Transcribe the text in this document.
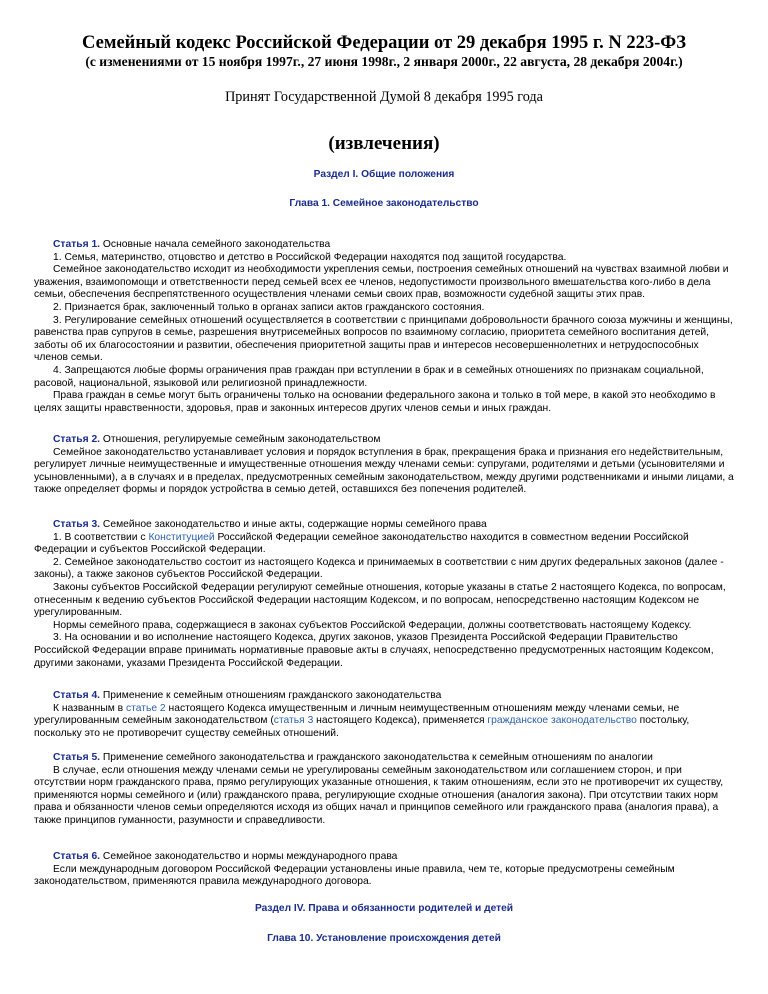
Семейный кодекс Российской Федерации от 29 декабря 1995 г. N 223-ФЗ
(с изменениями от 15 ноября 1997г., 27 июня 1998г., 2 января 2000г., 22 августа, 28 декабря 2004г.)
Принят Государственной Думой 8 декабря 1995 года
(извлечения)
Раздел I. Общие положения
Глава 1. Семейное законодательство

Статья 1. Основные начала семейного законодательства

1. Семья, материнство, отцовство и детство в Российской Федерации находятся под защитой государства.

Семейное законодательство исходит из необходимости укрепления семьи, построения семейных отношений на чувствах взаимной любви и уважения, взаимопомощи и ответственности перед семьей всех ее членов, недопустимости произвольного вмешательства кого-либо в дела семьи, обеспечения беспрепятственного осуществления членами семьи своих прав, возможности судебной защиты этих прав.

2. Признается брак, заключенный только в органах записи актов гражданского состояния.

3. Регулирование семейных отношений осуществляется в соответствии с принципами добровольности брачного союза мужчины и женщины, равенства прав супругов в семье, разрешения внутрисемейных вопросов по взаимному согласию, приоритета семейного воспитания детей, заботы об их благосостоянии и развитии, обеспечения приоритетной защиты прав и интересов несовершеннолетних и нетрудоспособных членов семьи.

4. Запрещаются любые формы ограничения прав граждан при вступлении в брак и в семейных отношениях по признакам социальной, расовой, национальной, языковой или религиозной принадлежности.

Права граждан в семье могут быть ограничены только на основании федерального закона и только в той мере, в какой это необходимо в целях защиты нравственности, здоровья, прав и законных интересов других членов семьи и иных граждан.

Статья 2. Отношения, регулируемые семейным законодательством

Семейное законодательство устанавливает условия и порядок вступления в брак, прекращения брака и признания его недействительным, регулирует личные неимущественные и имущественные отношения между членами семьи: супругами, родителями и детьми (усыновителями и усыновленными), а в случаях и в пределах, предусмотренных семейным законодательством, между другими родственниками и иными лицами, а также определяет формы и порядок устройства в семью детей, оставшихся без попечения родителей.

Статья 3. Семейное законодательство и иные акты, содержащие нормы семейного права

1. В соответствии с Конституцией Российской Федерации семейное законодательство находится в совместном ведении Российской Федерации и субъектов Российской Федерации.

2. Семейное законодательство состоит из настоящего Кодекса и принимаемых в соответствии с ним других федеральных законов (далее - законы), а также законов субъектов Российской Федерации.

Законы субъектов Российской Федерации регулируют семейные отношения, которые указаны в статье 2 настоящего Кодекса, по вопросам, отнесенным к ведению субъектов Российской Федерации настоящим Кодексом, и по вопросам, непосредственно настоящим Кодексом не урегулированным.

Нормы семейного права, содержащиеся в законах субъектов Российской Федерации, должны соответствовать настоящему Кодексу.

3. На основании и во исполнение настоящего Кодекса, других законов, указов Президента Российской Федерации Правительство Российской Федерации вправе принимать нормативные правовые акты в случаях, непосредственно предусмотренных настоящим Кодексом, другими законами, указами Президента Российской Федерации.

Статья 4. Применение к семейным отношениям гражданского законодательства

К названным в статье 2 настоящего Кодекса имущественным и личным неимущественным отношениям между членами семьи, не урегулированным семейным законодательством (статья 3 настоящего Кодекса), применяется гражданское законодательство постольку, поскольку это не противоречит существу семейных отношений.

Статья 5. Применение семейного законодательства и гражданского законодательства к семейным отношениям по аналогии

В случае, если отношения между членами семьи не урегулированы семейным законодательством или соглашением сторон, и при отсутствии норм гражданского права, прямо регулирующих указанные отношения, к таким отношениям, если это не противоречит их существу, применяются нормы семейного и (или) гражданского права, регулирующие сходные отношения (аналогия закона). При отсутствии таких норм права и обязанности членов семьи определяются исходя из общих начал и принципов семейного или гражданского права (аналогия права), а также принципов гуманности, разумности и справедливости.

Статья 6. Семейное законодательство и нормы международного права

Если международным договором Российской Федерации установлены иные правила, чем те, которые предусмотрены семейным законодательством, применяются правила международного договора.

Раздел IV. Права и обязанности родителей и детей
Глава 10. Установление происхождения детей
